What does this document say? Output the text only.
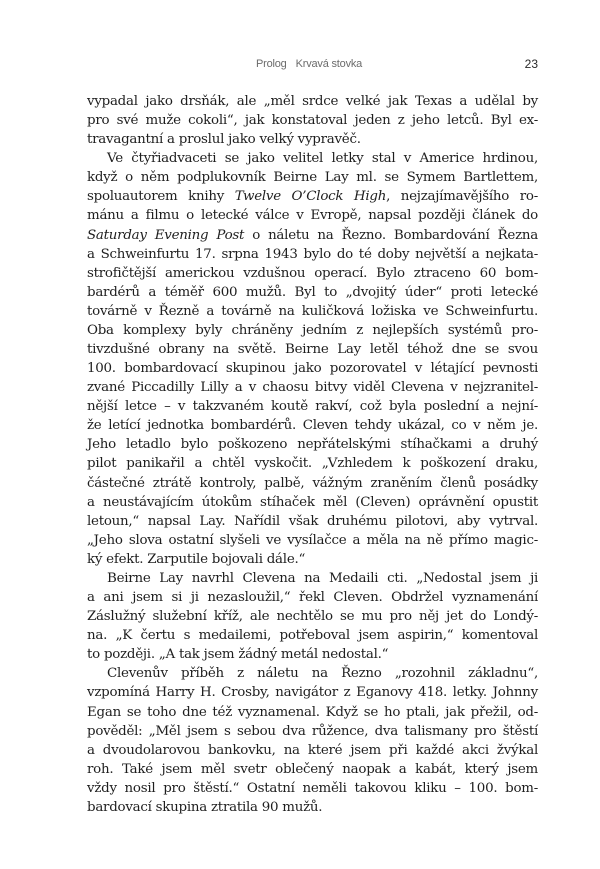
Prolog Krvavá stovka	23
vypadal jako drsňák, ale „měl srdce velké jak Texas a udělal by
pro své muže cokoli“, jak konstatoval jeden z jeho letců. Byl ex-
travagantní a proslul jako velký vypravěč.
Ve čtyřiadvaceti se jako velitel letky stal v Americe hrdinou,
když o něm podplukovník Beirne Lay ml. se Symem Bartlettem,
spoluautorem knihy Twelve O’Clock High, nejzajímavějšího ro-
mánu a filmu o letecké válce v Evropě, napsal později článek do
Saturday Evening Post o náletu na Řezno. Bombardování Řezna
a Schweinfurtu 17. srpna 1943 bylo do té doby největší a nejkata-
strofičtější americkou vzdušnou operací. Bylo ztraceno 60 bom-
bardérů a téměř 600 mužů. Byl to „dvojitý úder“ proti letecké
továrně v Řezně a továrně na kuličková ložiska ve Schweinfurtu.
Oba komplexy byly chráněny jedním z nejlepších systémů pro-
tivzdušné obrany na světě. Beirne Lay letěl téhož dne se svou
100. bombardovací skupinou jako pozorovatel v létající pevnosti
zvané Piccadilly Lilly a v chaosu bitvy viděl Clevena v nejzranitel-
nější letce – v takzvaném koutě rakví, což byla poslední a nejní-
že letící jednotka bombardérů. Cleven tehdy ukázal, co v něm je.
Jeho letadlo bylo poškozeno nepřátelskými stíhačkami a druhý
pilot panikařil a chtěl vyskočit. „Vzhledem k poškození draku,
částečné ztrátě kontroly, palbě, vážným zraněním členů posádky
a neustávajícím útokům stíhaček měl (Cleven) oprávnění opustit
letoun,“ napsal Lay. Nařídil však druhému pilotovi, aby vytrval.
„Jeho slova ostatní slyšeli ve vysílačce a měla na ně přímo magic-
ký efekt. Zarputile bojovali dále.“
Beirne Lay navrhl Clevena na Medaili cti. „Nedostal jsem ji
a ani jsem si ji nezasloužil,“ řekl Cleven. Obdržel vyznamenání
Záslužný služební kříž, ale nechtělo se mu pro něj jet do Londý-
na. „K čertu s medailemi, potřeboval jsem aspirin,“ komentoval
to později. „A tak jsem žádný metál nedostal.“
Clevenův příběh z náletu na Řezno „rozohnil základnu“,
vzpomíná Harry H. Crosby, navigátor z Eganovy 418. letky. Johnny
Egan se toho dne též vyznamenal. Když se ho ptali, jak přežil, od-
pověděl: „Měl jsem s sebou dva růžence, dva talismany pro štěstí
a dvoudolarovou bankovku, na které jsem při každé akci žvýkal
roh. Také jsem měl svetr oblečený naopak a kabát, který jsem
vždy nosil pro štěstí.“ Ostatní neměli takovou kliku – 100. bom-
bardovací skupina ztratila 90 mužů.
